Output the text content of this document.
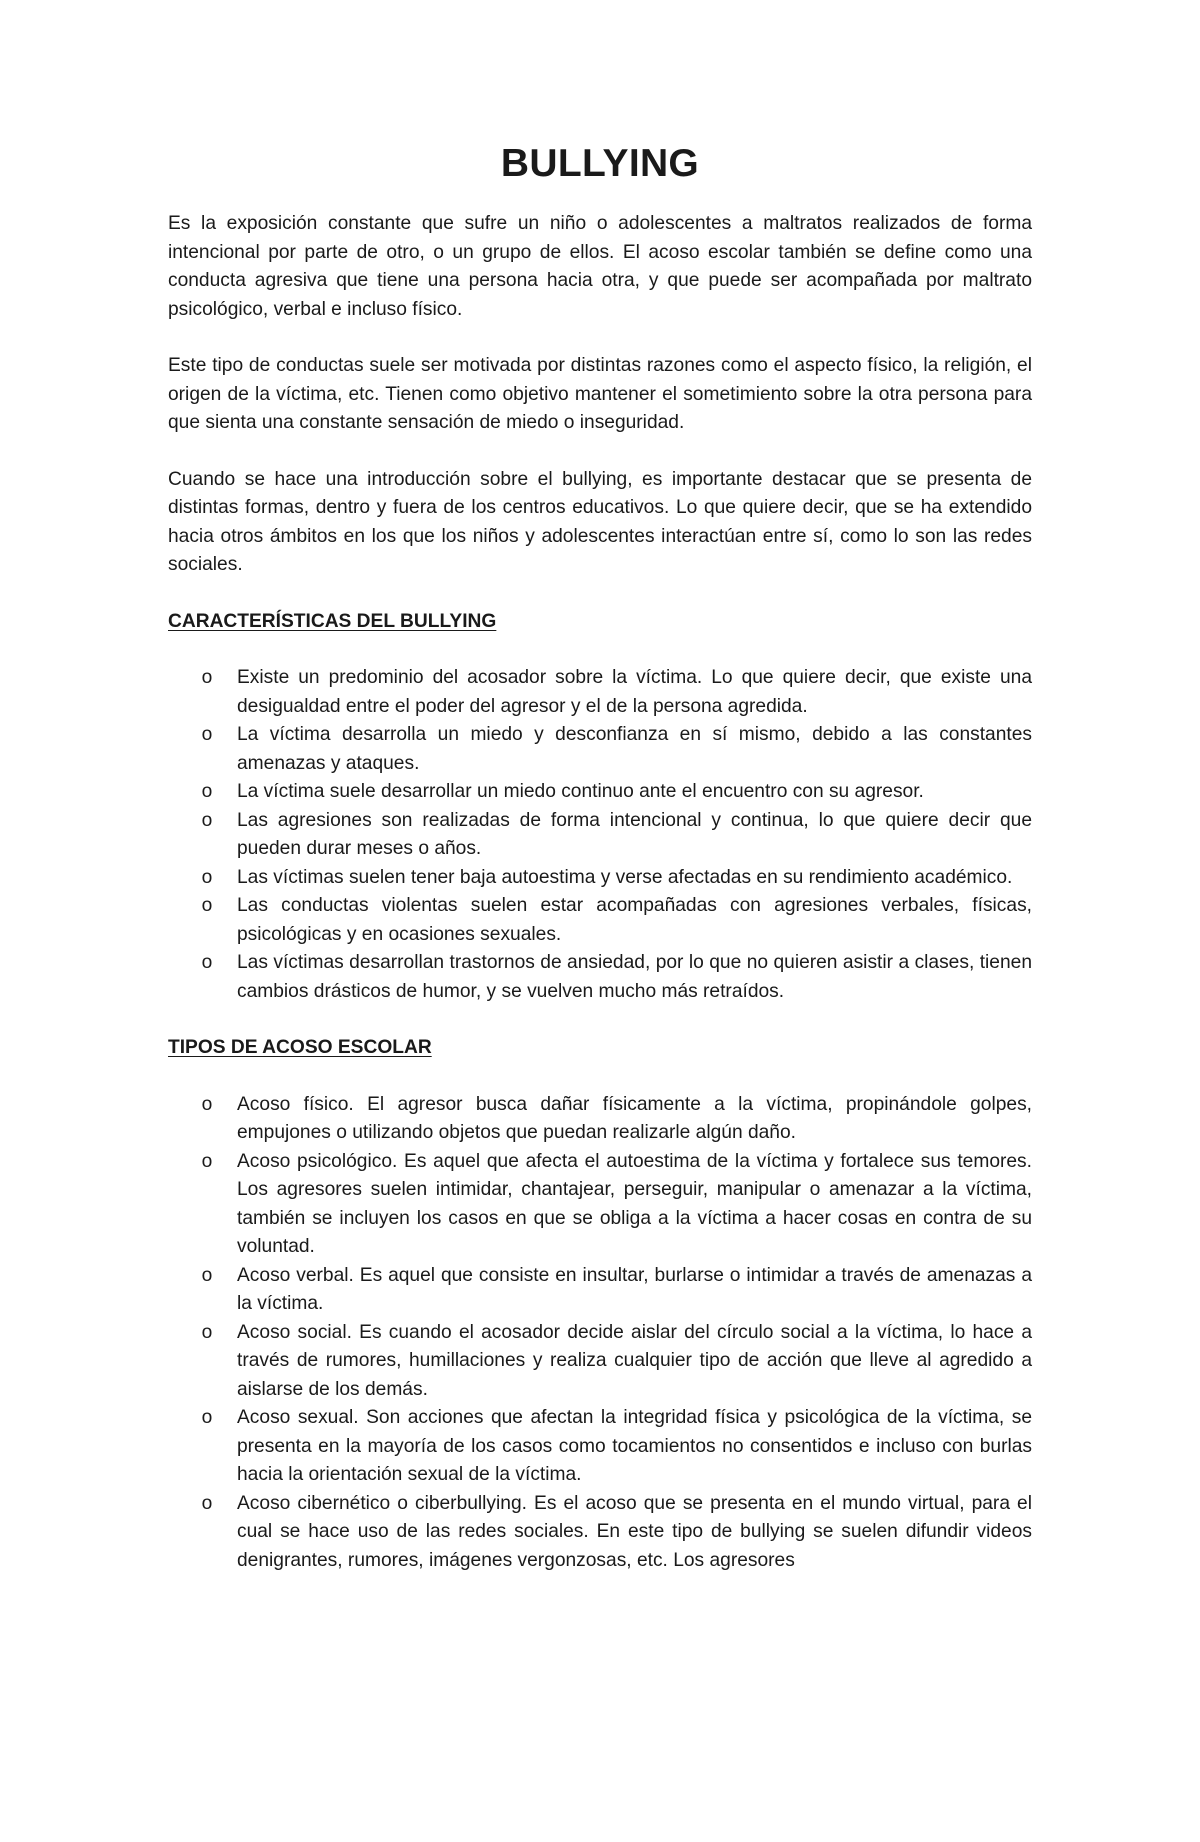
BULLYING

Es la exposición constante que sufre un niño o adolescentes a maltratos realizados de forma intencional por parte de otro, o un grupo de ellos. El acoso escolar también se define como una conducta agresiva que tiene una persona hacia otra, y que puede ser acompañada por maltrato psicológico, verbal e incluso físico.

Este tipo de conductas suele ser motivada por distintas razones como el aspecto físico, la religión, el origen de la víctima, etc. Tienen como objetivo mantener el sometimiento sobre la otra persona para que sienta una constante sensación de miedo o inseguridad.

Cuando se hace una introducción sobre el bullying, es importante destacar que se presenta de distintas formas, dentro y fuera de los centros educativos. Lo que quiere decir, que se ha extendido hacia otros ámbitos en los que los niños y adolescentes interactúan entre sí, como lo son las redes sociales.

CARACTERÍSTICAS DEL BULLYING
o Existe un predominio del acosador sobre la víctima. Lo que quiere decir, que existe una desigualdad entre el poder del agresor y el de la persona agredida.
o La víctima desarrolla un miedo y desconfianza en sí mismo, debido a las constantes amenazas y ataques.
o La víctima suele desarrollar un miedo continuo ante el encuentro con su agresor.
o Las agresiones son realizadas de forma intencional y continua, lo que quiere decir que pueden durar meses o años.
o Las víctimas suelen tener baja autoestima y verse afectadas en su rendimiento académico.
o Las conductas violentas suelen estar acompañadas con agresiones verbales, físicas, psicológicas y en ocasiones sexuales.
o Las víctimas desarrollan trastornos de ansiedad, por lo que no quieren asistir a clases, tienen cambios drásticos de humor, y se vuelven mucho más retraídos.
TIPOS DE ACOSO ESCOLAR
o Acoso físico. El agresor busca dañar físicamente a la víctima, propinándole golpes, empujones o utilizando objetos que puedan realizarle algún daño.
o Acoso psicológico. Es aquel que afecta el autoestima de la víctima y fortalece sus temores. Los agresores suelen intimidar, chantajear, perseguir, manipular o amenazar a la víctima, también se incluyen los casos en que se obliga a la víctima a hacer cosas en contra de su voluntad.
o Acoso verbal. Es aquel que consiste en insultar, burlarse o intimidar a través de amenazas a la víctima.
o Acoso social. Es cuando el acosador decide aislar del círculo social a la víctima, lo hace a través de rumores, humillaciones y realiza cualquier tipo de acción que lleve al agredido a aislarse de los demás.
o Acoso sexual. Son acciones que afectan la integridad física y psicológica de la víctima, se presenta en la mayoría de los casos como tocamientos no consentidos e incluso con burlas hacia la orientación sexual de la víctima.
o Acoso cibernético o ciberbullying. Es el acoso que se presenta en el mundo virtual, para el cual se hace uso de las redes sociales. En este tipo de bullying se suelen difundir videos denigrantes, rumores, imágenes vergonzosas, etc. Los agresores
